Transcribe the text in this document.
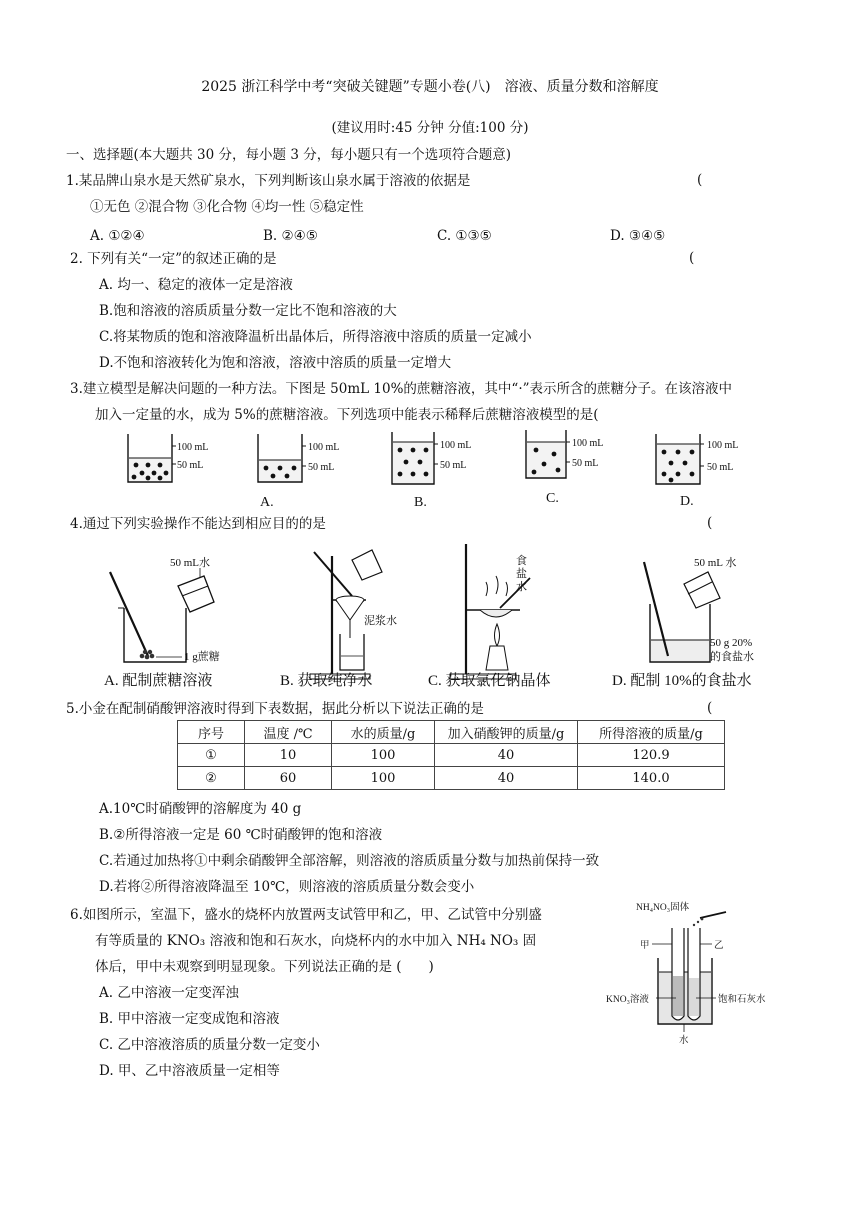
2025 浙江科学中考“突破关键题”专题小卷(八)　溶液、质量分数和溶解度
(建议用时:45 分钟 分值:100 分)
一、选择题(本大题共 30 分，每小题 3 分，每小题只有一个选项符合题意)
1.某品牌山泉水是天然矿泉水，下列判断该山泉水属于溶液的依据是	(
①无色 ②混合物 ③化合物 ④均一性 ⑤稳定性
A. ①②④	B. ②④⑤	C. ①③⑤	D. ③④⑤
2. 下列有关“一定”的叙述正确的是	(
A. 均一、稳定的液体一定是溶液
B.饱和溶液的溶质质量分数一定比不饱和溶液的大
C.将某物质的饱和溶液降温析出晶体后，所得溶液中溶质的质量一定减小
D.不饱和溶液转化为饱和溶液，溶液中溶质的质量一定增大
3.建立模型是解决问题的一种方法。下图是 50mL 10%的蔗糖溶液，其中“·”表示所含的蔗糖分子。在该溶液中
加入一定量的水，成为 5%的蔗糖溶液。下列选项中能表示稀释后蔗糖溶液模型的是(
100 mL
50 mL
100 mL
50 mL
A.
100 mL
50 mL
B.
100 mL
50 mL
C.
100 mL
50 mL
D.
4.通过下列实验操作不能达到相应目的的是	(
50 mL水
1 g蔗糖
A. 配制蔗糖溶液
泥浆水
B. 获取纯净水
食
盐
水
C. 获取氯化钠晶体
50 mL 水
50 g 20%
的食盐水
D. 配制 10%的食盐水
5.小金在配制硝酸钾溶液时得到下表数据，据此分析以下说法正确的是	(
序号	温度 /℃	水的质量/g	加入硝酸钾的质量/g	所得溶液的质量/g
①	10	100	40	120.9
②	60	100	40	140.0
A.10℃时硝酸钾的溶解度为 40 g
B.②所得溶液一定是 60 ℃时硝酸钾的饱和溶液
C.若通过加热将①中剩余硝酸钾全部溶解，则溶液的溶质质量分数与加热前保持一致
D.若将②所得溶液降温至 10℃，则溶液的溶质质量分数会变小
6.如图所示，室温下，盛水的烧杯内放置两支试管甲和乙，甲、乙试管中分别盛
有等质量的 KNO₃ 溶液和饱和石灰水，向烧杯内的水中加入 NH₄ NO₃ 固
体后，甲中未观察到明显现象。下列说法正确的是 (　　)
A. 乙中溶液一定变浑浊
B. 甲中溶液一定变成饱和溶液
C. 乙中溶液溶质的质量分数一定变小
D. 甲、乙中溶液质量一定相等
NH₄NO₃固体
甲	乙
KNO₃溶液	饱和石灰水
水
